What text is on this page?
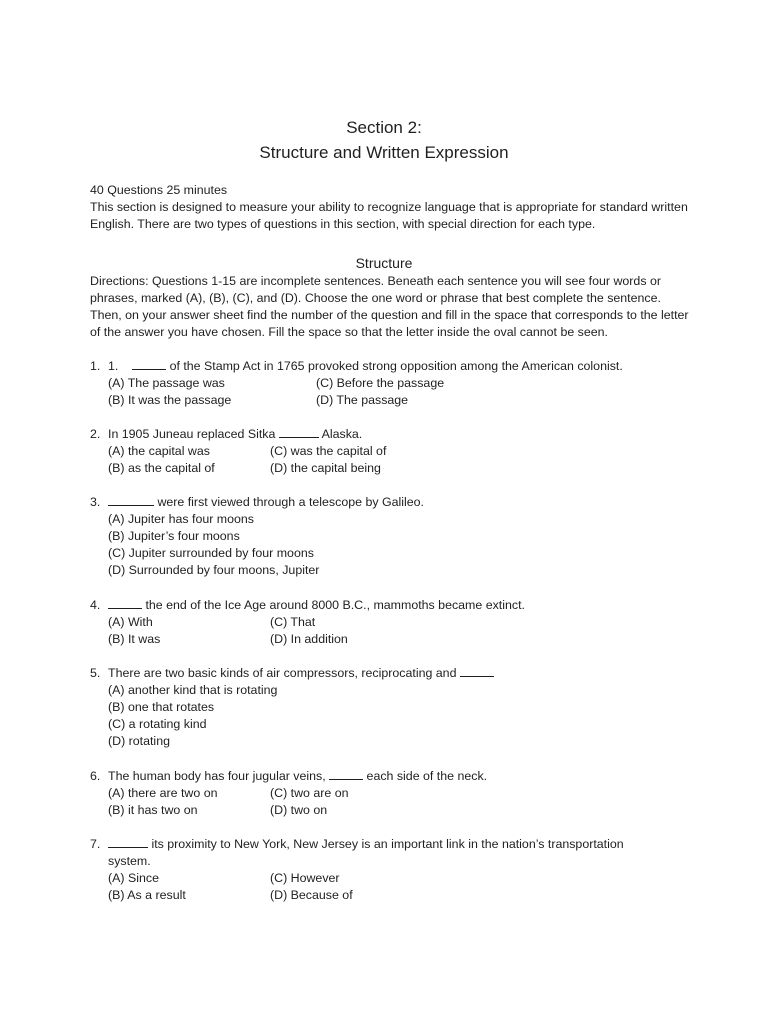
Section 2:
Structure and Written Expression
40 Questions 25 minutes
This section is designed to measure your ability to recognize language that is appropriate for standard written English. There are two types of questions in this section, with special direction for each type.
Structure
Directions: Questions 1-15 are incomplete sentences. Beneath each sentence you will see four words or phrases, marked (A), (B), (C), and (D). Choose the one word or phrase that best complete the sentence. Then, on your answer sheet find the number of the question and fill in the space that corresponds to the letter of the answer you have chosen. Fill the space so that the letter inside the oval cannot be seen.
1. 1.	of the Stamp Act in 1765 provoked strong opposition among the American colonist.
(A) The passage was
(B) It was the passage
(C) Before the passage
(D) The passage
2. In 1905 Juneau replaced Sitka	Alaska.
(A) the capital was
(B) as the capital of
(C) was the capital of
(D) the capital being
3.	were first viewed through a telescope by Galileo.
(A) Jupiter has four moons
(B) Jupiter’s four moons
(C) Jupiter surrounded by four moons
(D) Surrounded by four moons, Jupiter
4.	the end of the Ice Age around 8000 B.C., mammoths became extinct.
(A) With
(B) It was
(C) That
(D) In addition
5. There are two basic kinds of air compressors, reciprocating and
(A) another kind that is rotating
(B) one that rotates
(C) a rotating kind
(D) rotating
6. The human body has four jugular veins,	each side of the neck.
(A) there are two on
(B) it has two on
(C) two are on
(D) two on
7.	its proximity to New York, New Jersey is an important link in the nation’s transportation system.
(A) Since
(B) As a result
(C) However
(D) Because of
